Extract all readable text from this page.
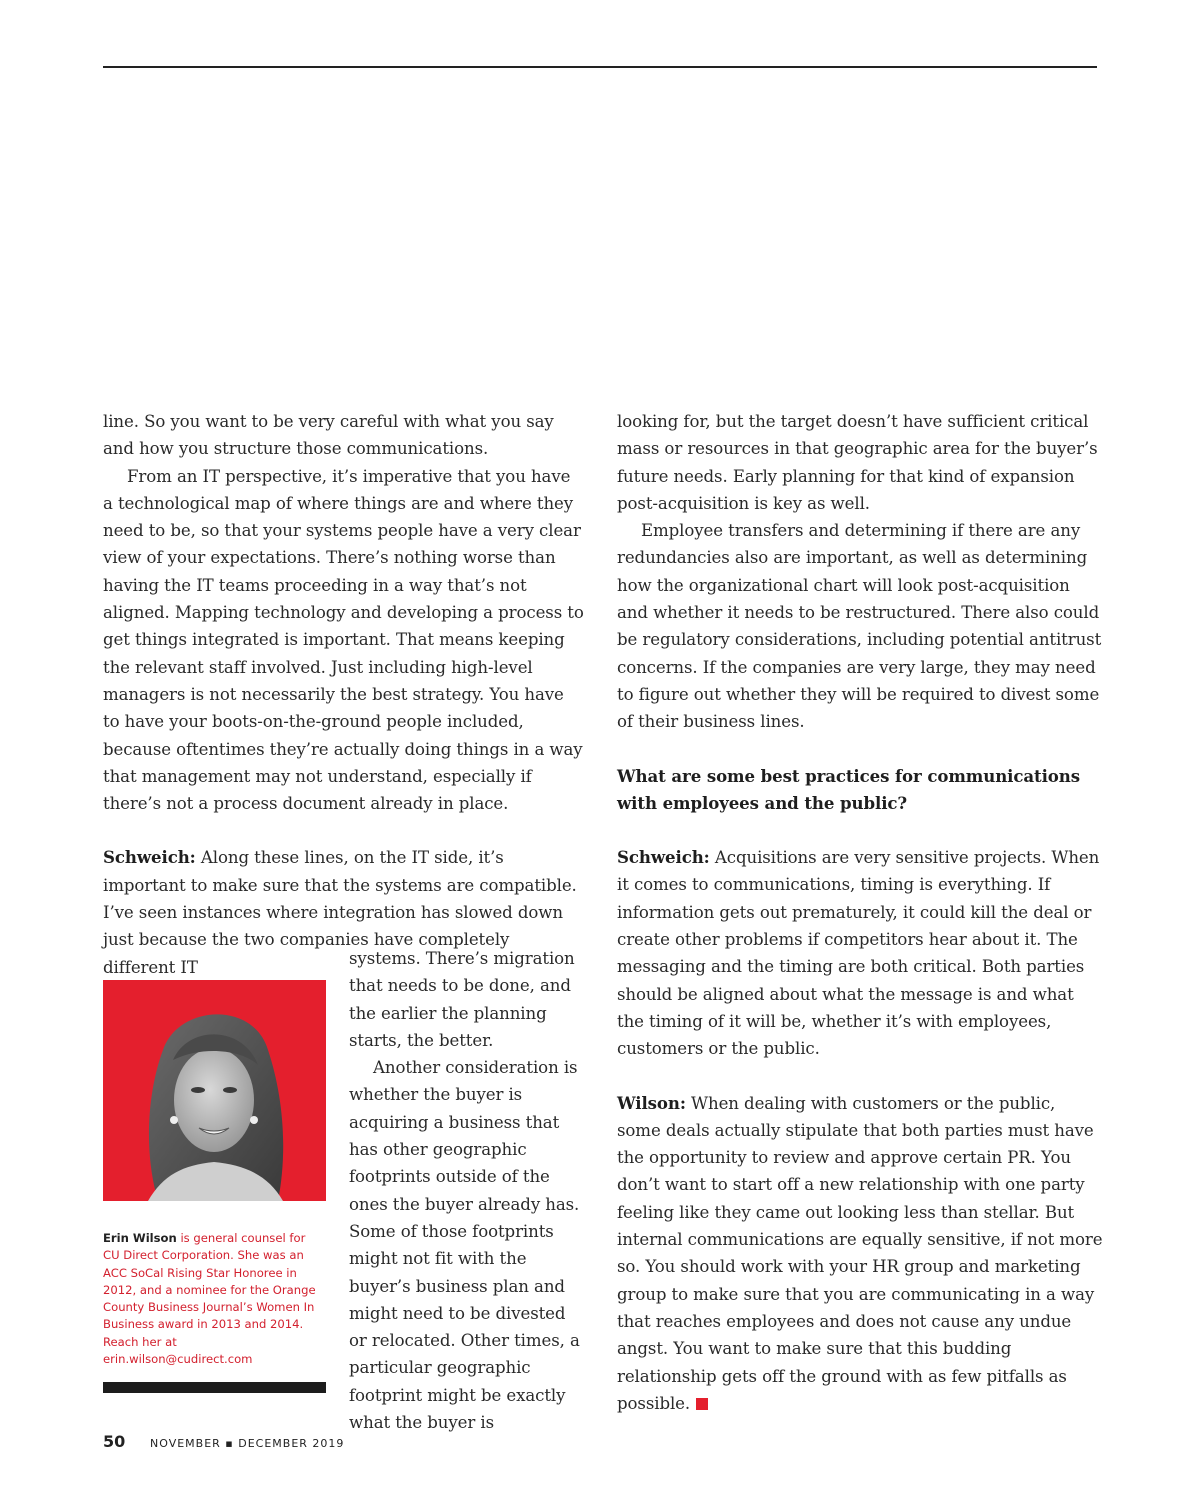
line. So you want to be very careful with what you say and how you structure those communications.

From an IT perspective, it’s imperative that you have a technological map of where things are and where they need to be, so that your systems people have a very clear view of your expectations. There’s nothing worse than having the IT teams proceeding in a way that’s not aligned. Mapping technology and developing a process to get things integrated is important. That means keeping the relevant staff involved. Just including high-level managers is not necessarily the best strategy. You have to have your boots-on-the-ground people included, because oftentimes they’re actually doing things in a way that management may not understand, especially if there’s not a process document already in place.

Schweich: Along these lines, on the IT side, it’s important to make sure that the systems are compatible. I’ve seen instances where integration has slowed down just because the two companies have completely different IT

Erin Wilson is general counsel for CU Direct Corporation. She was an ACC SoCal Rising Star Honoree in 2012, and a nominee for the Orange County Business Journal’s Women In Business award in 2013 and 2014. Reach her at erin.wilson@cudirect.com

systems. There’s migration that needs to be done, and the earlier the planning starts, the better.

Another consideration is whether the buyer is acquiring a business that has other geographic footprints outside of the ones the buyer already has. Some of those footprints might not fit with the buyer’s business plan and might need to be divested or relocated. Other times, a particular geographic footprint might be exactly what the buyer is

looking for, but the target doesn’t have sufficient critical mass or resources in that geographic area for the buyer’s future needs. Early planning for that kind of expansion post-acquisition is key as well.

Employee transfers and determining if there are any redundancies also are important, as well as determining how the organizational chart will look post-acquisition and whether it needs to be restructured. There also could be regulatory considerations, including potential antitrust concerns. If the companies are very large, they may need to figure out whether they will be required to divest some of their business lines.

What are some best practices for communications with employees and the public?

Schweich: Acquisitions are very sensitive projects. When it comes to communications, timing is everything. If information gets out prematurely, it could kill the deal or create other problems if competitors hear about it. The messaging and the timing are both critical. Both parties should be aligned about what the message is and what the timing of it will be, whether it’s with employees, customers or the public.

Wilson: When dealing with customers or the public, some deals actually stipulate that both parties must have the opportunity to review and approve certain PR. You don’t want to start off a new relationship with one party feeling like they came out looking less than stellar. But internal communications are equally sensitive, if not more so. You should work with your HR group and marketing group to make sure that you are communicating in a way that reaches employees and does not cause any undue angst. You want to make sure that this budding relationship gets off the ground with as few pitfalls as possible.

50 NOVEMBER ▪ DECEMBER 2019
